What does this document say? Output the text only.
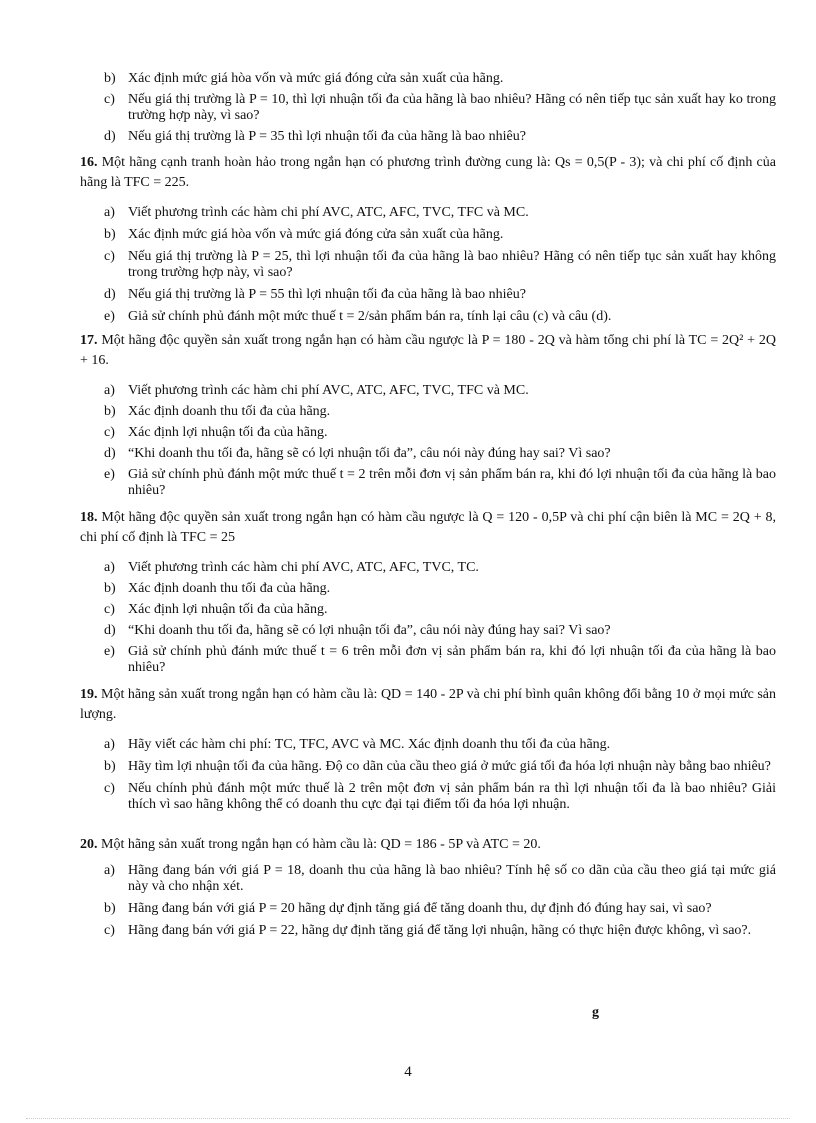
b) Xác định mức giá hòa vốn và mức giá đóng cửa sản xuất của hãng.
c) Nếu giá thị trường là P = 10, thì lợi nhuận tối đa của hãng là bao nhiêu? Hãng có nên tiếp tục sản xuất hay ko trong trường hợp này, vì sao?
d) Nếu giá thị trường là P = 35 thì lợi nhuận tối đa của hãng là bao nhiêu?
16. Một hãng cạnh tranh hoàn hảo trong ngắn hạn có phương trình đường cung là: Qs = 0,5(P - 3); và chi phí cố định của hãng là TFC = 225.
a) Viết phương trình các hàm chi phí AVC, ATC, AFC, TVC, TFC và MC.
b) Xác định mức giá hòa vốn và mức giá đóng cửa sản xuất của hãng.
c) Nếu giá thị trường là P = 25, thì lợi nhuận tối đa của hãng là bao nhiêu? Hãng có nên tiếp tục sản xuất hay không trong trường hợp này, vì sao?
d) Nếu giá thị trường là P = 55 thì lợi nhuận tối đa của hãng là bao nhiêu?
e) Giả sử chính phủ đánh một mức thuế t = 2/sản phẩm bán ra, tính lại câu (c) và câu (d).
17. Một hãng độc quyền sản xuất trong ngắn hạn có hàm cầu ngược là P = 180 - 2Q và hàm tổng chi phí là TC = 2Q² + 2Q + 16.
a) Viết phương trình các hàm chi phí AVC, ATC, AFC, TVC, TFC và MC.
b) Xác định doanh thu tối đa của hãng.
c) Xác định lợi nhuận tối đa của hãng.
d) “Khi doanh thu tối đa, hãng sẽ có lợi nhuận tối đa”, câu nói này đúng hay sai? Vì sao?
e) Giả sử chính phủ đánh một mức thuế t = 2 trên mỗi đơn vị sản phẩm bán ra, khi đó lợi nhuận tối đa của hãng là bao nhiêu?
18. Một hãng độc quyền sản xuất trong ngắn hạn có hàm cầu ngược là Q = 120 - 0,5P và chi phí cận biên là MC = 2Q + 8, chi phí cố định là TFC = 25
a) Viết phương trình các hàm chi phí AVC, ATC, AFC, TVC, TC.
b) Xác định doanh thu tối đa của hãng.
c) Xác định lợi nhuận tối đa của hãng.
d) “Khi doanh thu tối đa, hãng sẽ có lợi nhuận tối đa”, câu nói này đúng hay sai? Vì sao?
e) Giả sử chính phủ đánh mức thuế t = 6 trên mỗi đơn vị sản phẩm bán ra, khi đó lợi nhuận tối đa của hãng là bao nhiêu?
19. Một hãng sản xuất trong ngắn hạn có hàm cầu là: QD = 140 - 2P và chi phí bình quân không đổi bằng 10 ở mọi mức sản lượng.
a) Hãy viết các hàm chi phí: TC, TFC, AVC và MC. Xác định doanh thu tối đa của hãng.
b) Hãy tìm lợi nhuận tối đa của hãng. Độ co dãn của cầu theo giá ở mức giá tối đa hóa lợi nhuận này bằng bao nhiêu?
c) Nếu chính phủ đánh một mức thuế là 2 trên một đơn vị sản phẩm bán ra thì lợi nhuận tối đa là bao nhiêu? Giải thích vì sao hãng không thể có doanh thu cực đại tại điểm tối đa hóa lợi nhuận.
20. Một hãng sản xuất trong ngắn hạn có hàm cầu là: QD = 186 - 5P và ATC = 20.
a) Hãng đang bán với giá P = 18, doanh thu của hãng là bao nhiêu? Tính hệ số co dãn của cầu theo giá tại mức giá này và cho nhận xét.
b) Hãng đang bán với giá P = 20 hãng dự định tăng giá để tăng doanh thu, dự định đó đúng hay sai, vì sao?
c) Hãng đang bán với giá P = 22, hãng dự định tăng giá để tăng lợi nhuận, hãng có thực hiện được không, vì sao?.
g
4
